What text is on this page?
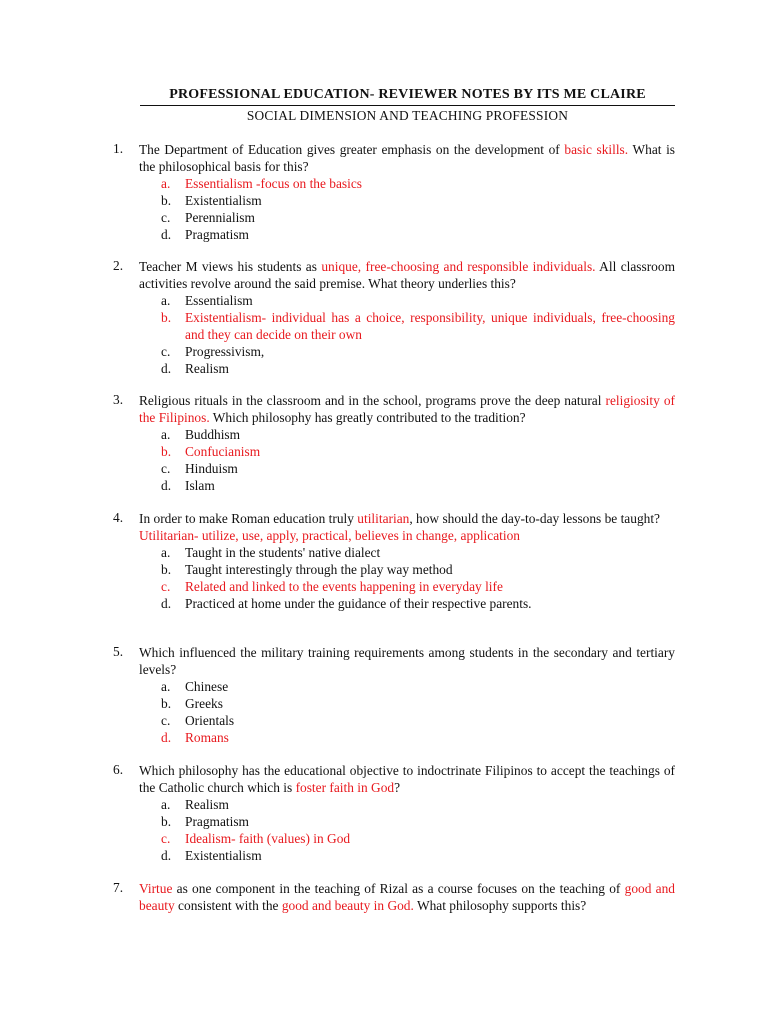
PROFESSIONAL EDUCATION- REVIEWER NOTES BY ITS ME CLAIRE
SOCIAL DIMENSION AND TEACHING PROFESSION
1. The Department of Education gives greater emphasis on the development of basic skills. What is the philosophical basis for this?
a. Essentialism -focus on the basics
b. Existentialism
c. Perennialism
d. Pragmatism
2. Teacher M views his students as unique, free-choosing and responsible individuals. All classroom activities revolve around the said premise. What theory underlies this?
a. Essentialism
b. Existentialism- individual has a choice, responsibility, unique individuals, free-choosing and they can decide on their own
c. Progressivism,
d. Realism
3. Religious rituals in the classroom and in the school, programs prove the deep natural religiosity of the Filipinos. Which philosophy has greatly contributed to the tradition?
a. Buddhism
b. Confucianism
c. Hinduism
d. Islam
4. In order to make Roman education truly utilitarian, how should the day-to-day lessons be taught?
Utilitarian- utilize, use, apply, practical, believes in change, application
a. Taught in the students' native dialect
b. Taught interestingly through the play way method
c. Related and linked to the events happening in everyday life
d. Practiced at home under the guidance of their respective parents.
5. Which influenced the military training requirements among students in the secondary and tertiary levels?
a. Chinese
b. Greeks
c. Orientals
d. Romans
6. Which philosophy has the educational objective to indoctrinate Filipinos to accept the teachings of the Catholic church which is foster faith in God?
a. Realism
b. Pragmatism
c. Idealism- faith (values) in God
d. Existentialism
7. Virtue as one component in the teaching of Rizal as a course focuses on the teaching of good and beauty consistent with the good and beauty in God. What philosophy supports this?
